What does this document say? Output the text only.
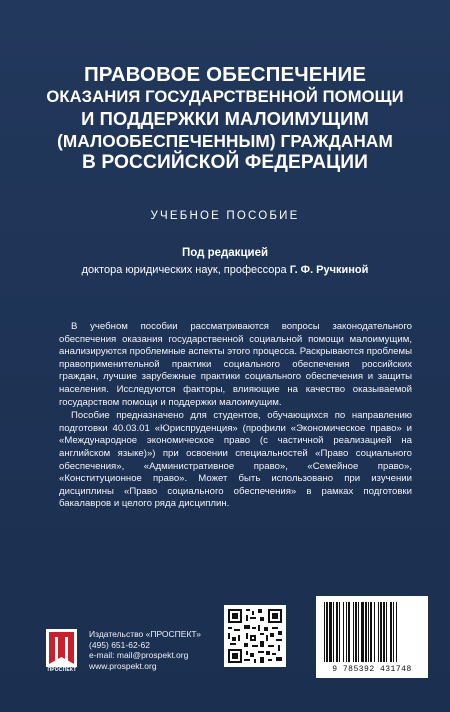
ПРАВОВОЕ ОБЕСПЕЧЕНИЕ
ОКАЗАНИЯ ГОСУДАРСТВЕННОЙ ПОМОЩИ
И ПОДДЕРЖКИ МАЛОИМУЩИМ
(МАЛООБЕСПЕЧЕННЫМ) ГРАЖДАНАМ
В РОССИЙСКОЙ ФЕДЕРАЦИИ
УЧЕБНОЕ ПОСОБИЕ
Под редакцией
доктора юридических наук, профессора Г. Ф. Ручкиной

В учебном пособии рассматриваются вопросы законодательного обеспечения оказания государственной социальной помощи малоимущим, анализируются проблемные аспекты этого процесса. Раскрываются проблемы правоприменительной практики социального обеспечения российских граждан, лучшие зарубежные практики социального обеспечения и защиты населения. Исследуются факторы, влияющие на качество оказываемой государством помощи и поддержки малоимущим.

Пособие предназначено для студентов, обучающихся по направлению подготовки 40.03.01 «Юриспруденция» (профили «Экономическое право» и «Международное экономическое право (с частичной реализацией на английском языке)») при освоении специальностей «Право социального обеспечения», «Административное право», «Семейное право», «Конституционное право». Может быть использовано при изучении дисциплины «Право социального обеспечения» в рамках подготовки бакалавров и целого ряда дисциплин.

ПРОСПЕКТ
Издательство «ПРОСПЕКТ»
(495) 651-62-62
e-mail: mail@prospekt.org
www.prospekt.org	9 785392 431748
